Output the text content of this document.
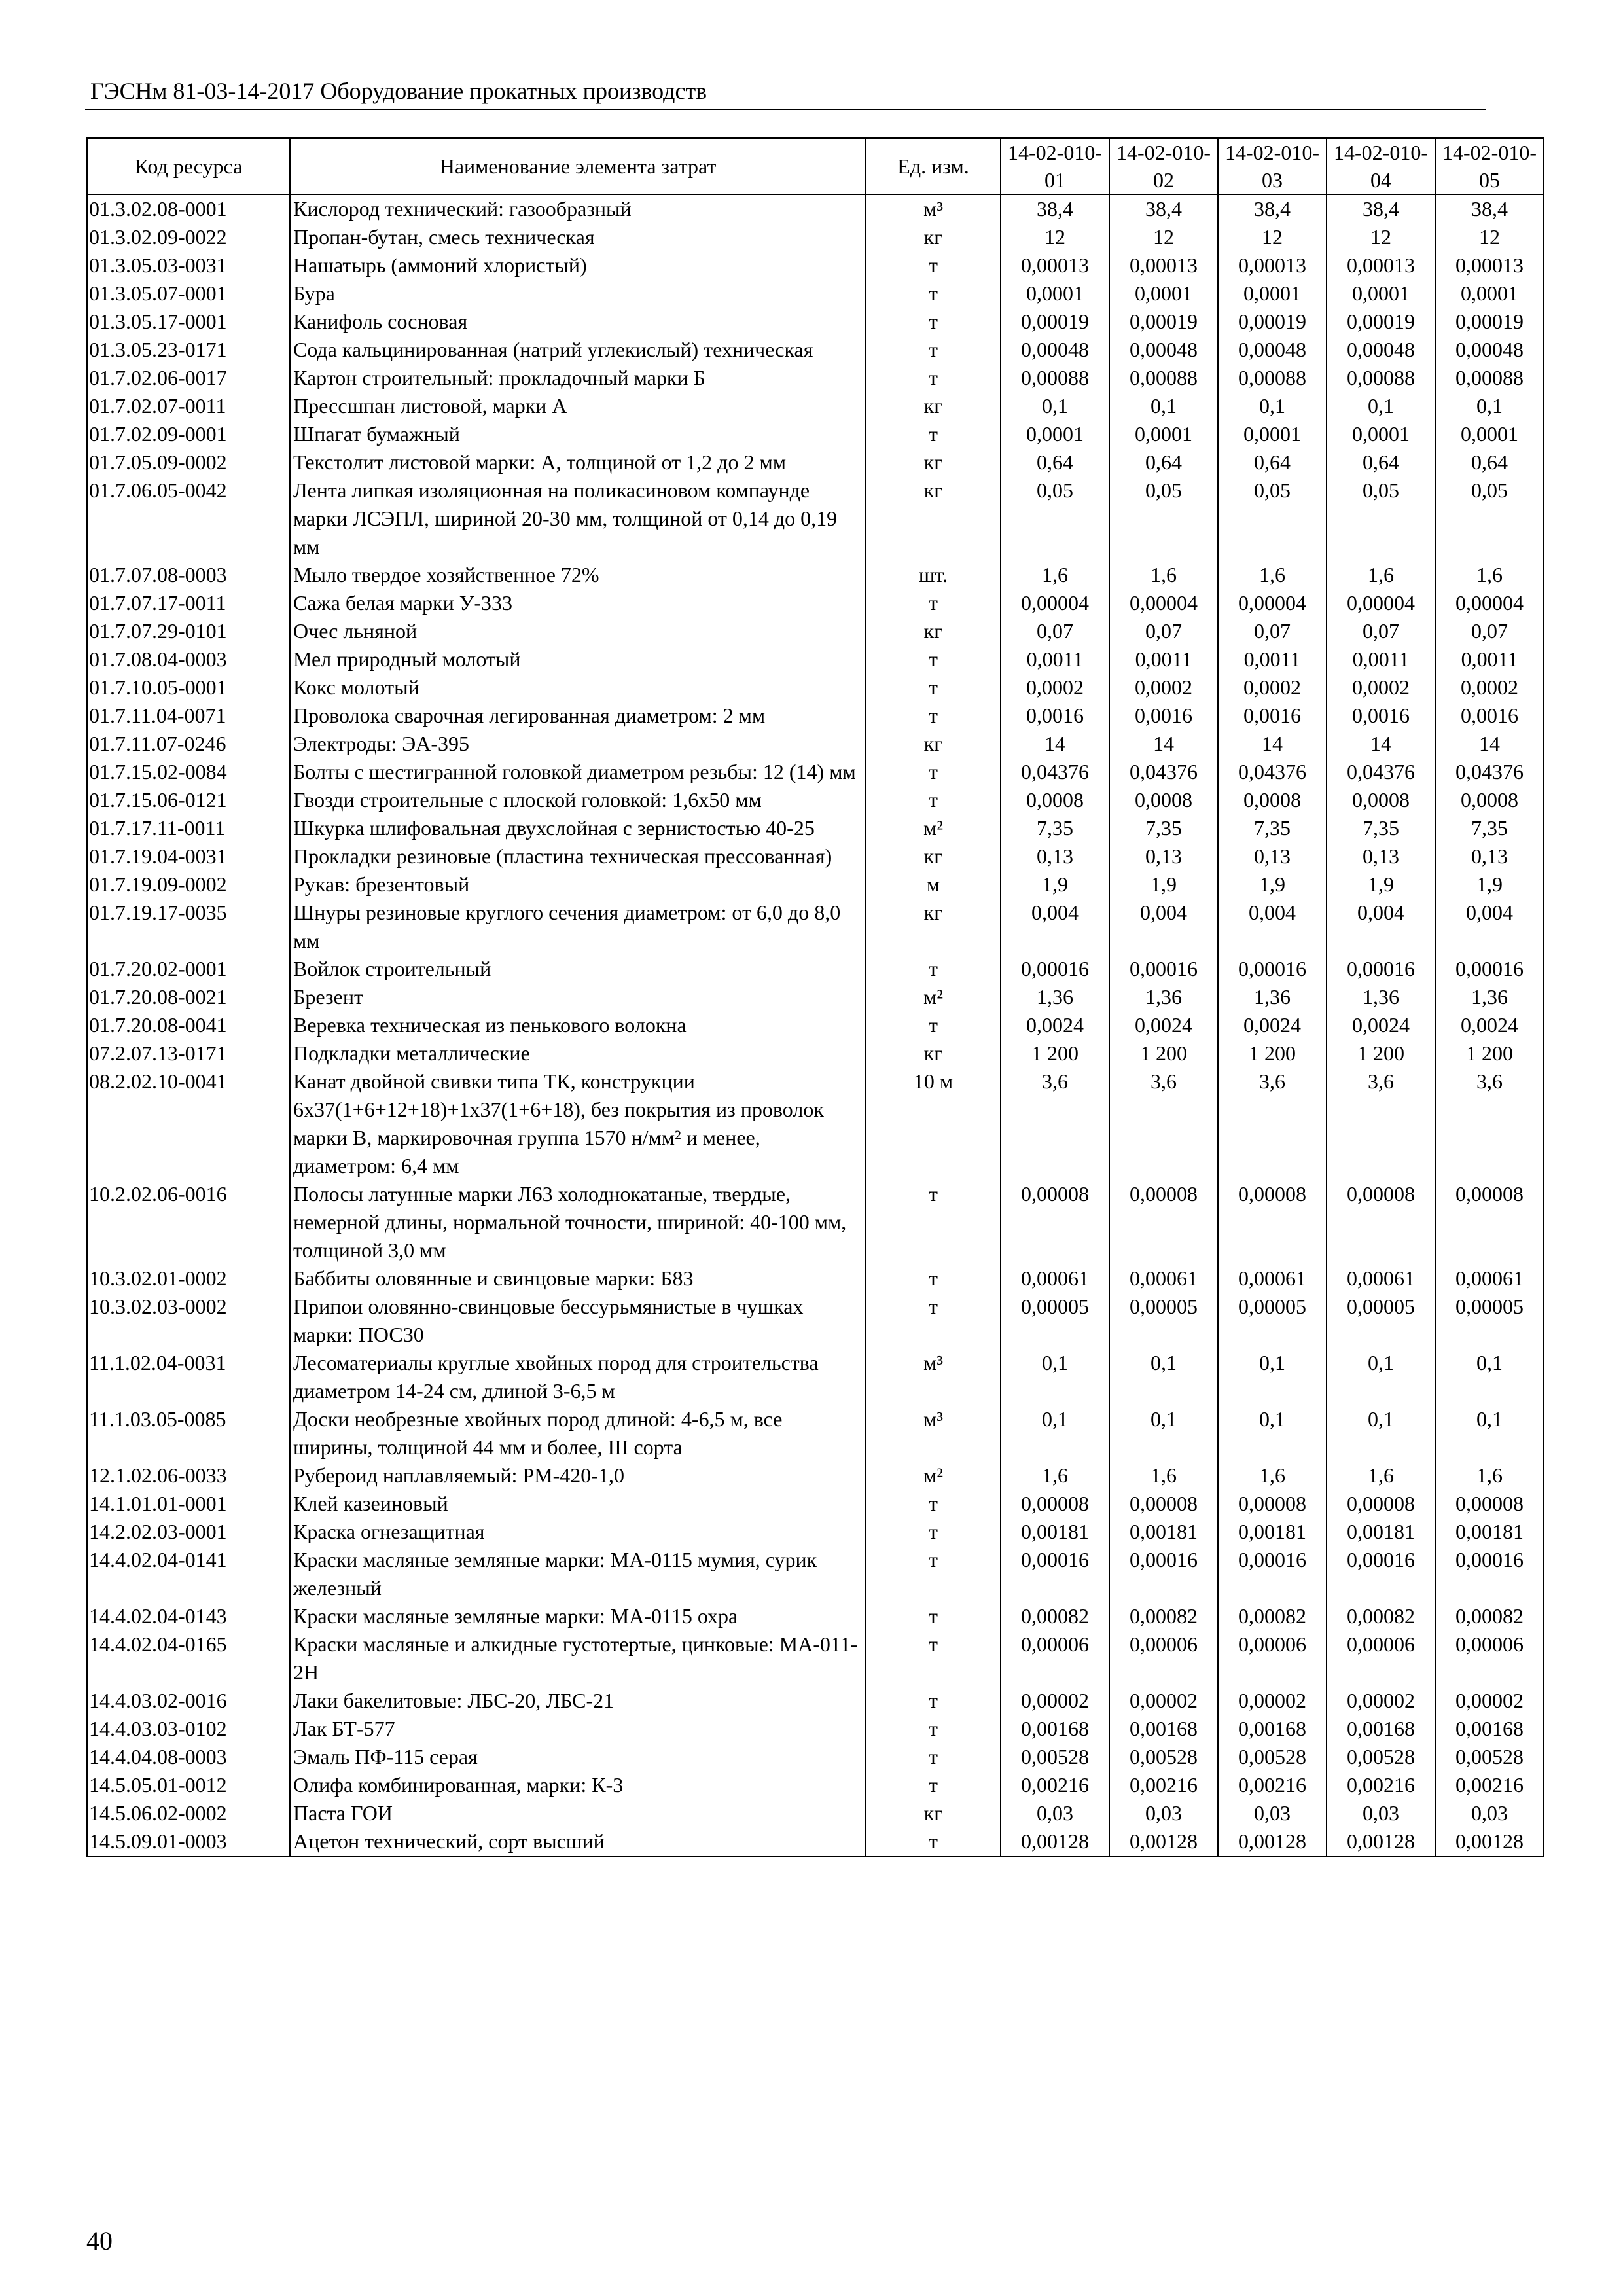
ГЭСНм 81-03-14-2017 Оборудование прокатных производств
Код ресурса	Наименование элемента затрат	Ед. изм.	14-02-010-01	14-02-010-02	14-02-010-03	14-02-010-04	14-02-010-05
01.3.02.08-0001	Кислород технический: газообразный	м³	38,4	38,4	38,4	38,4	38,4
01.3.02.09-0022	Пропан-бутан, смесь техническая	кг	12	12	12	12	12
01.3.05.03-0031	Нашатырь (аммоний хлористый)	т	0,00013	0,00013	0,00013	0,00013	0,00013
01.3.05.07-0001	Бура	т	0,0001	0,0001	0,0001	0,0001	0,0001
01.3.05.17-0001	Канифоль сосновая	т	0,00019	0,00019	0,00019	0,00019	0,00019
01.3.05.23-0171	Сода кальцинированная (натрий углекислый) техническая	т	0,00048	0,00048	0,00048	0,00048	0,00048
01.7.02.06-0017	Картон строительный: прокладочный марки Б	т	0,00088	0,00088	0,00088	0,00088	0,00088
01.7.02.07-0011	Прессшпан листовой, марки А	кг	0,1	0,1	0,1	0,1	0,1
01.7.02.09-0001	Шпагат бумажный	т	0,0001	0,0001	0,0001	0,0001	0,0001
01.7.05.09-0002	Текстолит листовой марки: А, толщиной от 1,2 до 2 мм	кг	0,64	0,64	0,64	0,64	0,64
01.7.06.05-0042	Лента липкая изоляционная на поликасиновом компаунде марки ЛСЭПЛ, шириной 20-30 мм, толщиной от 0,14 до 0,19 мм	кг	0,05	0,05	0,05	0,05	0,05
01.7.07.08-0003	Мыло твердое хозяйственное 72%	шт.	1,6	1,6	1,6	1,6	1,6
01.7.07.17-0011	Сажа белая марки У-333	т	0,00004	0,00004	0,00004	0,00004	0,00004
01.7.07.29-0101	Очес льняной	кг	0,07	0,07	0,07	0,07	0,07
01.7.08.04-0003	Мел природный молотый	т	0,0011	0,0011	0,0011	0,0011	0,0011
01.7.10.05-0001	Кокс молотый	т	0,0002	0,0002	0,0002	0,0002	0,0002
01.7.11.04-0071	Проволока сварочная легированная диаметром: 2 мм	т	0,0016	0,0016	0,0016	0,0016	0,0016
01.7.11.07-0246	Электроды: ЭА-395	кг	14	14	14	14	14
01.7.15.02-0084	Болты с шестигранной головкой диаметром резьбы: 12 (14) мм	т	0,04376	0,04376	0,04376	0,04376	0,04376
01.7.15.06-0121	Гвозди строительные с плоской головкой: 1,6х50 мм	т	0,0008	0,0008	0,0008	0,0008	0,0008
01.7.17.11-0011	Шкурка шлифовальная двухслойная с зернистостью 40-25	м²	7,35	7,35	7,35	7,35	7,35
01.7.19.04-0031	Прокладки резиновые (пластина техническая прессованная)	кг	0,13	0,13	0,13	0,13	0,13
01.7.19.09-0002	Рукав: брезентовый	м	1,9	1,9	1,9	1,9	1,9
01.7.19.17-0035	Шнуры резиновые круглого сечения диаметром: от 6,0 до 8,0 мм	кг	0,004	0,004	0,004	0,004	0,004
01.7.20.02-0001	Войлок строительный	т	0,00016	0,00016	0,00016	0,00016	0,00016
01.7.20.08-0021	Брезент	м²	1,36	1,36	1,36	1,36	1,36
01.7.20.08-0041	Веревка техническая из пенькового волокна	т	0,0024	0,0024	0,0024	0,0024	0,0024
07.2.07.13-0171	Подкладки металлические	кг	1 200	1 200	1 200	1 200	1 200
08.2.02.10-0041	Канат двойной свивки типа ТК, конструкции 6х37(1+6+12+18)+1х37(1+6+18), без покрытия из проволок марки В, маркировочная группа 1570 н/мм² и менее, диаметром: 6,4 мм	10 м	3,6	3,6	3,6	3,6	3,6
10.2.02.06-0016	Полосы латунные марки Л63 холоднокатаные, твердые, немерной длины, нормальной точности, шириной: 40-100 мм, толщиной 3,0 мм	т	0,00008	0,00008	0,00008	0,00008	0,00008
10.3.02.01-0002	Баббиты оловянные и свинцовые марки: Б83	т	0,00061	0,00061	0,00061	0,00061	0,00061
10.3.02.03-0002	Припои оловянно-свинцовые бессурьмянистые в чушках марки: ПОС30	т	0,00005	0,00005	0,00005	0,00005	0,00005
11.1.02.04-0031	Лесоматериалы круглые хвойных пород для строительства диаметром 14-24 см, длиной 3-6,5 м	м³	0,1	0,1	0,1	0,1	0,1
11.1.03.05-0085	Доски необрезные хвойных пород длиной: 4-6,5 м, все ширины, толщиной 44 мм и более, III сорта	м³	0,1	0,1	0,1	0,1	0,1
12.1.02.06-0033	Рубероид наплавляемый: РМ-420-1,0	м²	1,6	1,6	1,6	1,6	1,6
14.1.01.01-0001	Клей казеиновый	т	0,00008	0,00008	0,00008	0,00008	0,00008
14.2.02.03-0001	Краска огнезащитная	т	0,00181	0,00181	0,00181	0,00181	0,00181
14.4.02.04-0141	Краски масляные земляные марки: МА-0115 мумия, сурик железный	т	0,00016	0,00016	0,00016	0,00016	0,00016
14.4.02.04-0143	Краски масляные земляные марки: МА-0115 охра	т	0,00082	0,00082	0,00082	0,00082	0,00082
14.4.02.04-0165	Краски масляные и алкидные густотертые, цинковые: МА-011-2Н	т	0,00006	0,00006	0,00006	0,00006	0,00006
14.4.03.02-0016	Лаки бакелитовые: ЛБС-20, ЛБС-21	т	0,00002	0,00002	0,00002	0,00002	0,00002
14.4.03.03-0102	Лак БТ-577	т	0,00168	0,00168	0,00168	0,00168	0,00168
14.4.04.08-0003	Эмаль ПФ-115 серая	т	0,00528	0,00528	0,00528	0,00528	0,00528
14.5.05.01-0012	Олифа комбинированная, марки: К-3	т	0,00216	0,00216	0,00216	0,00216	0,00216
14.5.06.02-0002	Паста ГОИ	кг	0,03	0,03	0,03	0,03	0,03
14.5.09.01-0003	Ацетон технический, сорт высший	т	0,00128	0,00128	0,00128	0,00128	0,00128
40
